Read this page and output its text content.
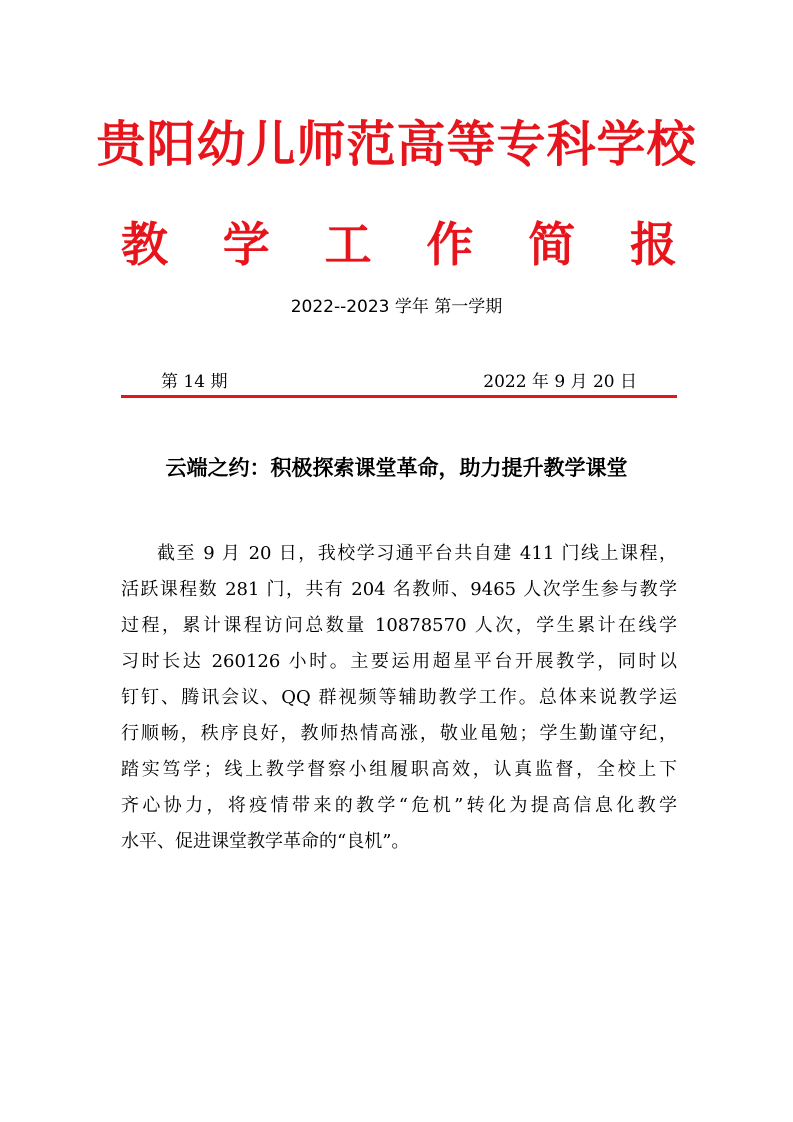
贵阳幼儿师范高等专科学校
教 学 工 作 简 报
2022--2023 学年 第一学期
第 14 期	2022 年 9 月 20 日
云端之约：积极探索课堂革命，助力提升教学课堂
截至 9 月 20 日，我校学习通平台共自建 411 门线上课程，
活跃课程数 281 门，共有 204 名教师、9465 人次学生参与教学
过程，累计课程访问总数量 10878570 人次，学生累计在线学
习时长达 260126 小时。主要运用超星平台开展教学，同时以
钉钉、腾讯会议、QQ 群视频等辅助教学工作。总体来说教学运
行顺畅，秩序良好，教师热情高涨，敬业黾勉；学生勤谨守纪，
踏实笃学；线上教学督察小组履职高效，认真监督，全校上下
齐心协力，将疫情带来的教学“危机”转化为提高信息化教学
水平、促进课堂教学革命的“良机”。
